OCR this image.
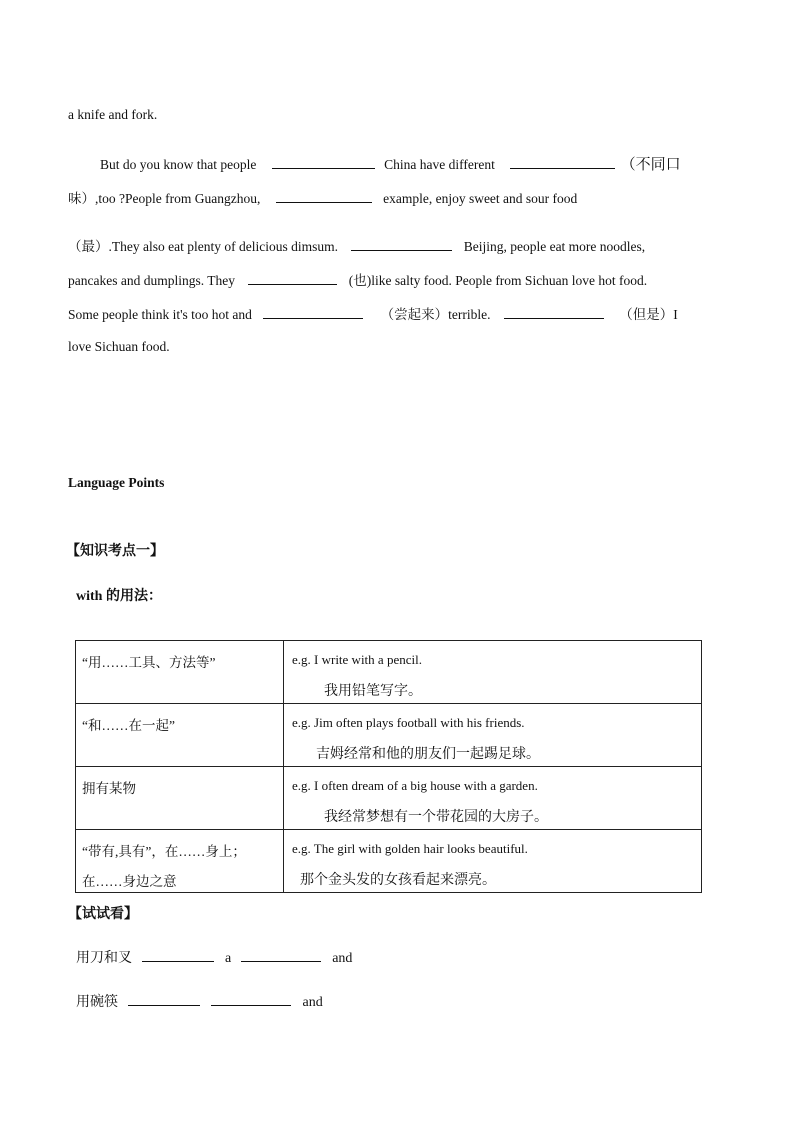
a knife and fork.
But do you know that people	China have different	（不同口
味）,too ?People from Guangzhou,	example, enjoy sweet and sour food
（最）.They also eat plenty of delicious dimsum.	Beijing, people eat more noodles,
pancakes and dumplings. They	(也)like salty food. People from Sichuan love hot food.
Some people think it's too hot and	（尝起来）terrible.	（但是）I
love Sichuan food.
Language Points
【知识考点一】
with 的用法：
“用……工具、方法等”	e.g. I write with a pencil.
我用铅笔写字。

“和……在一起”	e.g. Jim often plays football with his friends.
吉姆经常和他的朋友们一起踢足球。

拥有某物	e.g. I often dream of a big house with a garden.
我经常梦想有一个带花园的大房子。

“带有,具有”，在……身上；
在……身边之意	e.g. The girl with golden hair looks beautiful.
那个金头发的女孩看起来漂亮。
【试试看】
用刀和叉	a	and
用碗筷	and
